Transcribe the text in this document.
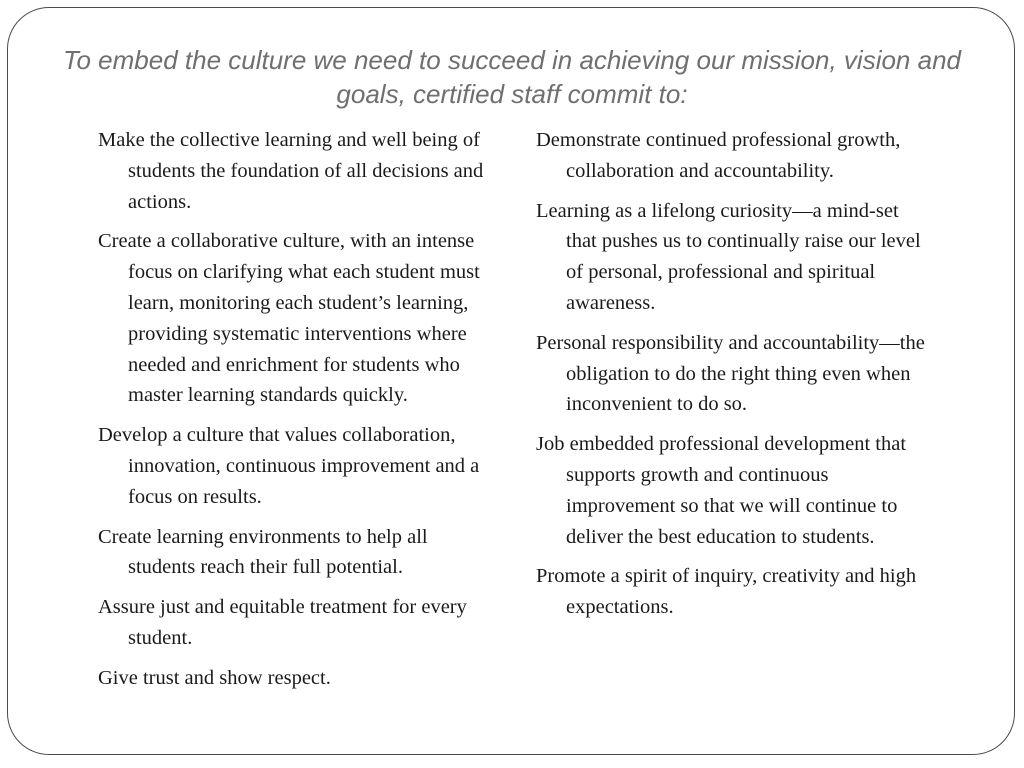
To embed the culture we need to succeed in achieving our mission, vision and goals, certified staff commit to:
Make the collective learning and well being of students the foundation of all decisions and actions.
Create a collaborative culture, with an intense focus on clarifying what each student must learn, monitoring each student’s learning, providing systematic interventions where needed and enrichment for students who master learning standards quickly.
Develop a culture that values collaboration, innovation, continuous improvement and a focus on results.
Create learning environments to help all students reach their full potential.
Assure just and equitable treatment for every student.
Give trust and show respect.
Demonstrate continued professional growth, collaboration and accountability.
Learning as a lifelong curiosity—a mind-set that pushes us to continually raise our level of personal, professional and spiritual awareness.
Personal responsibility and accountability—the obligation to do the right thing even when inconvenient to do so.
Job embedded professional development that supports growth and continuous improvement so that we will continue to deliver the best education to students.
Promote a spirit of inquiry, creativity and high expectations.
